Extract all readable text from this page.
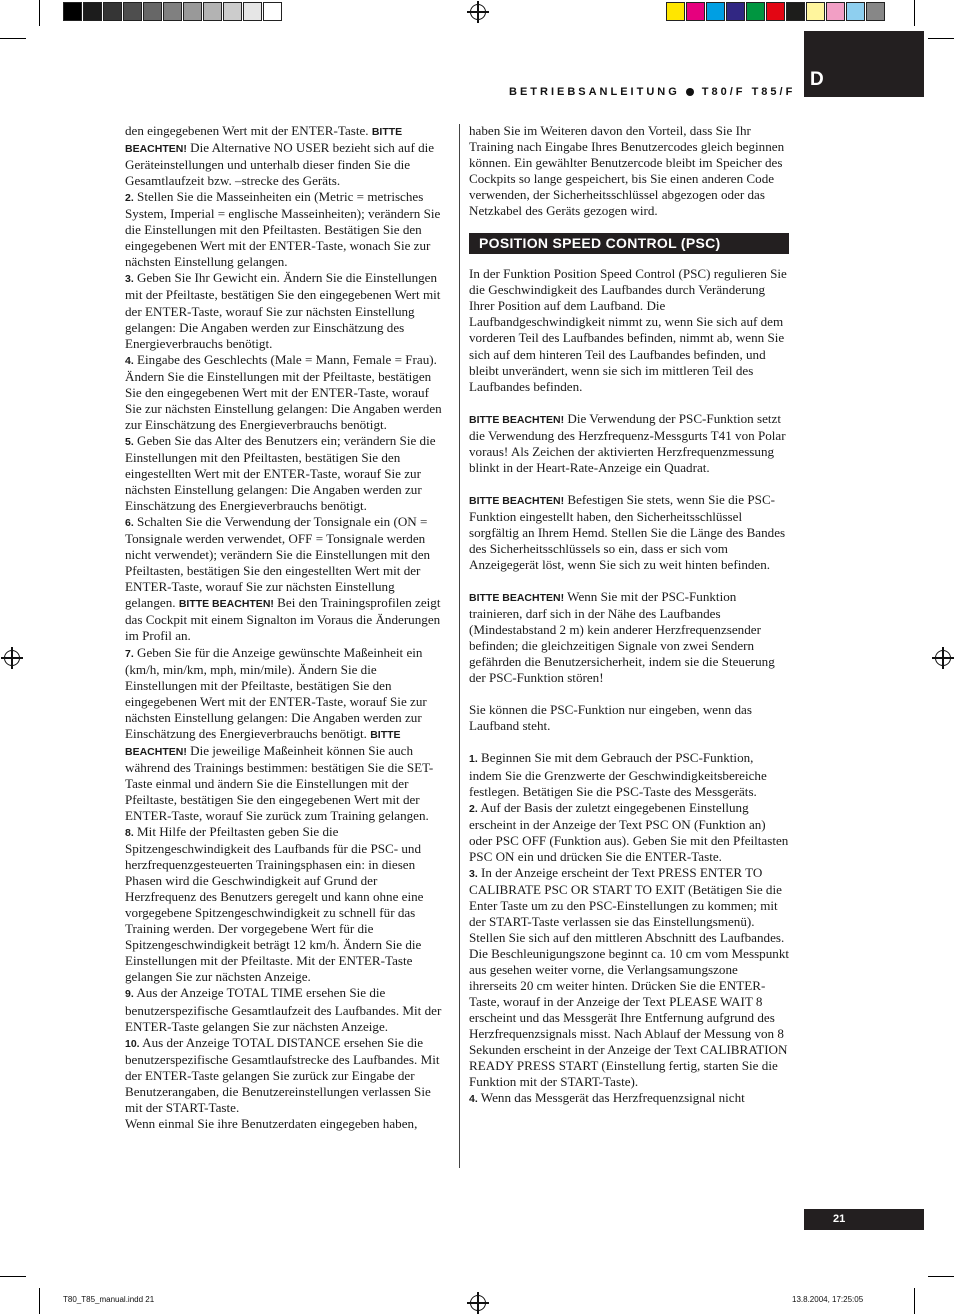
BETRIEBSANLEITUNG T80/F T85/F
D

den eingegebenen Wert mit der ENTER-Taste. BITTE BEACHTEN! Die Alternative NO USER bezieht sich auf die Geräteinstellungen und unterhalb dieser finden Sie die Gesamtlaufzeit bzw. –strecke des Geräts.

2. Stellen Sie die Masseinheiten ein (Metric = metrisches System, Imperial = englische Masseinheiten); verändern Sie die Einstellungen mit den Pfeiltasten. Bestätigen Sie den eingegebenen Wert mit der ENTER-Taste, wonach Sie zur nächsten Einstellung gelangen.

3. Geben Sie Ihr Gewicht ein. Ändern Sie die Einstellungen mit der Pfeiltaste, bestätigen Sie den eingegebenen Wert mit der ENTER-Taste, worauf Sie zur nächsten Einstellung gelangen: Die Angaben werden zur Einschätzung des Energieverbrauchs benötigt.

4. Eingabe des Geschlechts (Male = Mann, Female = Frau). Ändern Sie die Einstellungen mit der Pfeiltaste, bestätigen Sie den eingegebenen Wert mit der ENTER-Taste, worauf Sie zur nächsten Einstellung gelangen: Die Angaben werden zur Einschätzung des Energieverbrauchs benötigt.

5. Geben Sie das Alter des Benutzers ein; verändern Sie die Einstellungen mit den Pfeiltasten, bestätigen Sie den eingestellten Wert mit der ENTER-Taste, worauf Sie zur nächsten Einstellung gelangen: Die Angaben werden zur Einschätzung des Energieverbrauchs benötigt.

6. Schalten Sie die Verwendung der Tonsignale ein (ON = Tonsignale werden verwendet, OFF = Tonsignale werden nicht verwendet); verändern Sie die Einstellungen mit den Pfeiltasten, bestätigen Sie den eingestellten Wert mit der ENTER-Taste, worauf Sie zur nächsten Einstellung gelangen. BITTE BEACHTEN! Bei den Trainingsprofilen zeigt das Cockpit mit einem Signalton im Voraus die Änderungen im Profil an.

7. Geben Sie für die Anzeige gewünschte Maßeinheit ein (km/h, min/km, mph, min/mile). Ändern Sie die Einstellungen mit der Pfeiltaste, bestätigen Sie den eingegebenen Wert mit der ENTER-Taste, worauf Sie zur nächsten Einstellung gelangen: Die Angaben werden zur Einschätzung des Energieverbrauchs benötigt. BITTE BEACHTEN! Die jeweilige Maßeinheit können Sie auch während des Trainings bestimmen: bestätigen Sie die SET-Taste einmal und ändern Sie die Einstellungen mit der Pfeiltaste, bestätigen Sie den eingegebenen Wert mit der ENTER-Taste, worauf Sie zurück zum Training gelangen.

8. Mit Hilfe der Pfeiltasten geben Sie die Spitzengeschwindigkeit des Laufbands für die PSC- und herzfrequenzgesteuerten Trainingsphasen ein: in diesen Phasen wird die Geschwindigkeit auf Grund der Herzfrequenz des Benutzers geregelt und kann ohne eine vorgegebene Spitzengeschwindigkeit zu schnell für das Training werden. Der vorgegebene Wert für die Spitzengeschwindigkeit beträgt 12 km/h. Ändern Sie die Einstellungen mit der Pfeiltaste. Mit der ENTER-Taste gelangen Sie zur nächsten Anzeige.

9. Aus der Anzeige TOTAL TIME ersehen Sie die benutzerspezifische Gesamtlaufzeit des Laufbandes. Mit der ENTER-Taste gelangen Sie zur nächsten Anzeige.

10. Aus der Anzeige TOTAL DISTANCE ersehen Sie die benutzerspezifische Gesamtlaufstrecke des Laufbandes. Mit der ENTER-Taste gelangen Sie zurück zur Eingabe der Benutzerangaben, die Benutzereinstellungen verlassen Sie mit der START-Taste.

Wenn einmal Sie ihre Benutzerdaten eingegeben haben,

haben Sie im Weiteren davon den Vorteil, dass Sie Ihr Training nach Eingabe Ihres Benutzercodes gleich beginnen können. Ein gewählter Benutzercode bleibt im Speicher des Cockpits so lange gespeichert, bis Sie einen anderen Code verwenden, der Sicherheitsschlüssel abgezogen oder das Netzkabel des Geräts gezogen wird.

POSITION SPEED CONTROL (PSC)

In der Funktion Position Speed Control (PSC) regulieren Sie die Geschwindigkeit des Laufbandes durch Veränderung Ihrer Position auf dem Laufband. Die Laufbandgeschwindigkeit nimmt zu, wenn Sie sich auf dem vorderen Teil des Laufbandes befinden, nimmt ab, wenn Sie sich auf dem hinteren Teil des Laufbandes befinden, und bleibt unverändert, wenn sie sich im mittleren Teil des Laufbandes befinden.

BITTE BEACHTEN! Die Verwendung der PSC-Funktion setzt die Verwendung des Herzfrequenz-Messgurts T41 von Polar voraus! Als Zeichen der aktivierten Herzfrequenzmessung blinkt in der Heart-Rate-Anzeige ein Quadrat.

BITTE BEACHTEN! Befestigen Sie stets, wenn Sie die PSC-Funktion eingestellt haben, den Sicherheitsschlüssel sorgfältig an Ihrem Hemd. Stellen Sie die Länge des Bandes des Sicherheitsschlüssels so ein, dass er sich vom Anzeigegerät löst, wenn Sie sich zu weit hinten befinden.

BITTE BEACHTEN! Wenn Sie mit der PSC-Funktion trainieren, darf sich in der Nähe des Laufbandes (Mindestabstand 2 m) kein anderer Herzfrequenzsender befinden; die gleichzeitigen Signale von zwei Sendern gefährden die Benutzersicherheit, indem sie die Steuerung der PSC-Funktion stören!

Sie können die PSC-Funktion nur eingeben, wenn das Laufband steht.

1. Beginnen Sie mit dem Gebrauch der PSC-Funktion, indem Sie die Grenzwerte der Geschwindigkeitsbereiche festlegen. Betätigen Sie die PSC-Taste des Messgeräts.

2. Auf der Basis der zuletzt eingegebenen Einstellung erscheint in der Anzeige der Text PSC ON (Funktion an) oder PSC OFF (Funktion aus). Geben Sie mit den Pfeiltasten PSC ON ein und drücken Sie die ENTER-Taste.

3. In der Anzeige erscheint der Text PRESS ENTER TO CALIBRATE PSC OR START TO EXIT (Betätigen Sie die Enter Taste um zu den PSC-Einstellungen zu kommen; mit der START-Taste verlassen sie das Einstellungsmenü). Stellen Sie sich auf den mittleren Abschnitt des Laufbandes. Die Beschleunigungszone beginnt ca. 10 cm vom Messpunkt aus gesehen weiter vorne, die Verlangsamungszone ihrerseits 20 cm weiter hinten. Drücken Sie die ENTER-Taste, worauf in der Anzeige der Text PLEASE WAIT 8 erscheint und das Messgerät Ihre Entfernung aufgrund des Herzfrequenzsignals misst. Nach Ablauf der Messung von 8 Sekunden erscheint in der Anzeige der Text CALIBRATION READY PRESS START (Einstellung fertig, starten Sie die Funktion mit der START-Taste).

4. Wenn das Messgerät das Herzfrequenzsignal nicht

21
T80_T85_manual.indd 21	13.8.2004, 17:25:05
